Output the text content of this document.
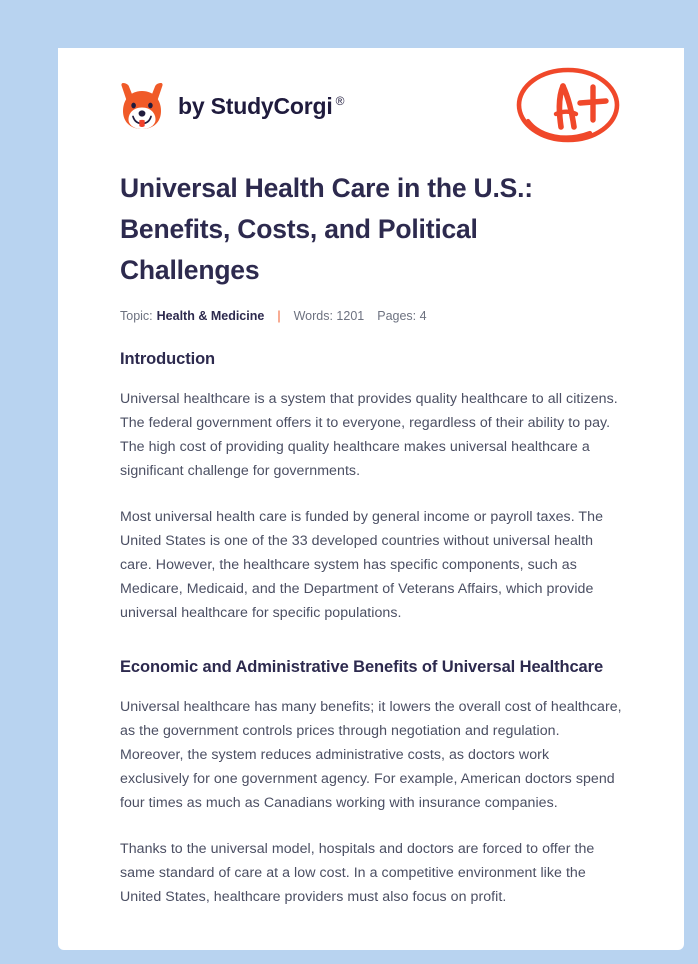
by StudyCorgi ®
Universal Health Care in the U.S.: Benefits, Costs, and Political Challenges
Topic: Health & Medicine | Words: 1201 Pages: 4
Introduction

Universal healthcare is a system that provides quality healthcare to all citizens. The federal government offers it to everyone, regardless of their ability to pay. The high cost of providing quality healthcare makes universal healthcare a significant challenge for governments.

Most universal health care is funded by general income or payroll taxes. The United States is one of the 33 developed countries without universal health care. However, the healthcare system has specific components, such as Medicare, Medicaid, and the Department of Veterans Affairs, which provide universal healthcare for specific populations.

Economic and Administrative Benefits of Universal Healthcare

Universal healthcare has many benefits; it lowers the overall cost of healthcare, as the government controls prices through negotiation and regulation. Moreover, the system reduces administrative costs, as doctors work exclusively for one government agency. For example, American doctors spend four times as much as Canadians working with insurance companies.

Thanks to the universal model, hospitals and doctors are forced to offer the same standard of care at a low cost. In a competitive environment like the United States, healthcare providers must also focus on profit.
